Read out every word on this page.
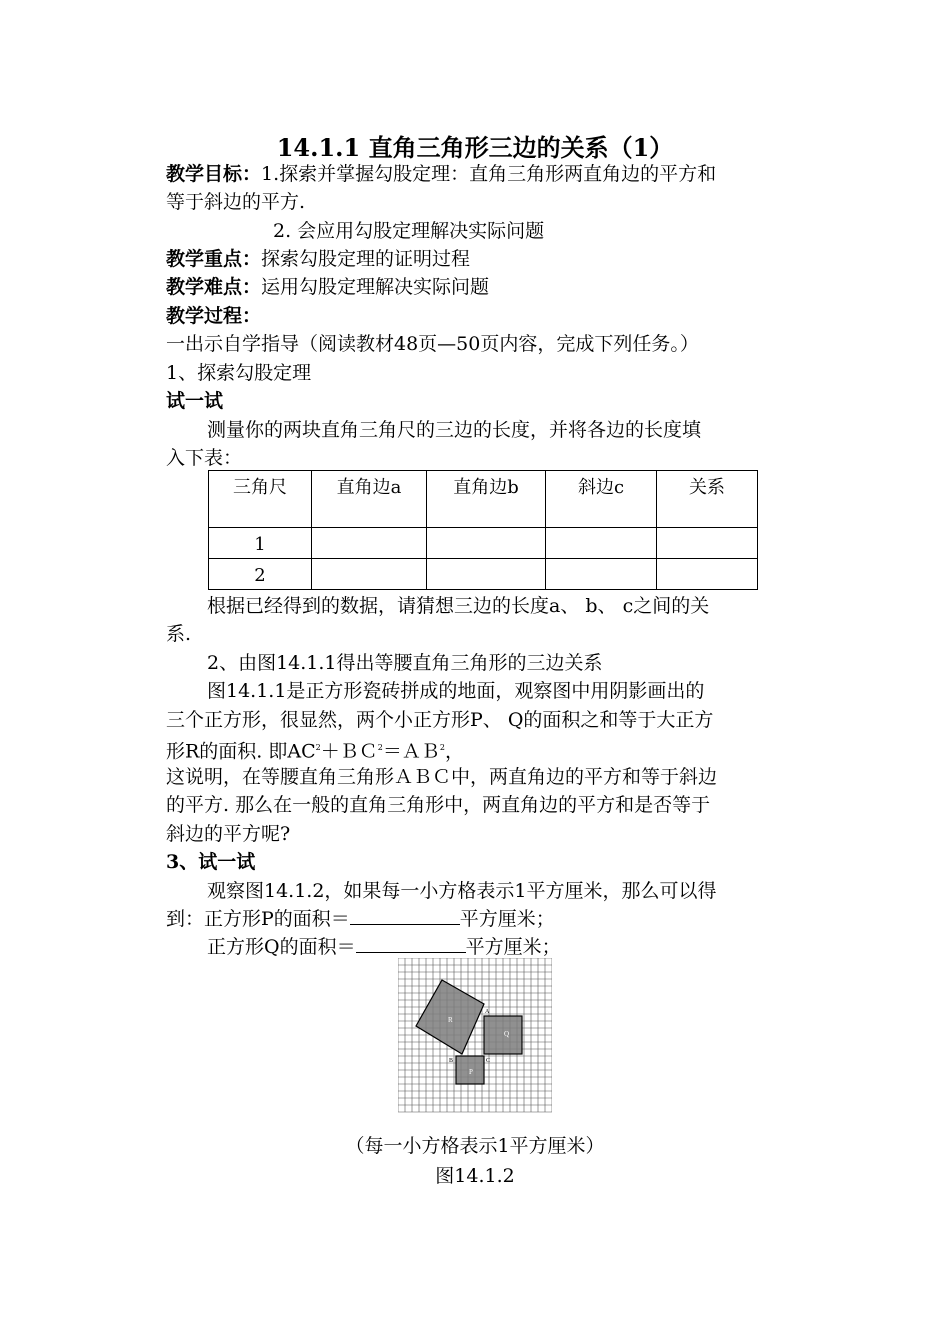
14.1.1 直角三角形三边的关系（1）
教学目标：1.探索并掌握勾股定理：直角三角形两直角边的平方和
等于斜边的平方.
2. 会应用勾股定理解决实际问题
教学重点：探索勾股定理的证明过程
教学难点：运用勾股定理解决实际问题
教学过程：
一出示自学指导（阅读教材48页—50页内容，完成下列任务。）
1、探索勾股定理
试一试
测量你的两块直角三角尺的三边的长度，并将各边的长度填
入下表：
三角尺	直角边a	直角边b	斜边c	关系
1				
2				
根据已经得到的数据，请猜想三边的长度a、 b、 c之间的关
系.
2、由图14.1.1得出等腰直角三角形的三边关系
图14.1.1是正方形瓷砖拼成的地面，观察图中用阴影画出的
三个正方形，很显然，两个小正方形P、 Q的面积之和等于大正方
形R的面积. 即$AC^2+BC^2=AB^2$，
这说明，在等腰直角三角形ＡＢＣ中，两直角边的平方和等于斜边
的平方. 那么在一般的直角三角形中，两直角边的平方和是否等于
斜边的平方呢?
3、试一试
观察图14.1.2，如果每一小方格表示1平方厘米，那么可以得
到：正方形P的面积＝	平方厘米；
正方形Q的面积＝	平方厘米；
R
Q
P
A
B	C
（每一小方格表示1平方厘米）
图14.1.2
